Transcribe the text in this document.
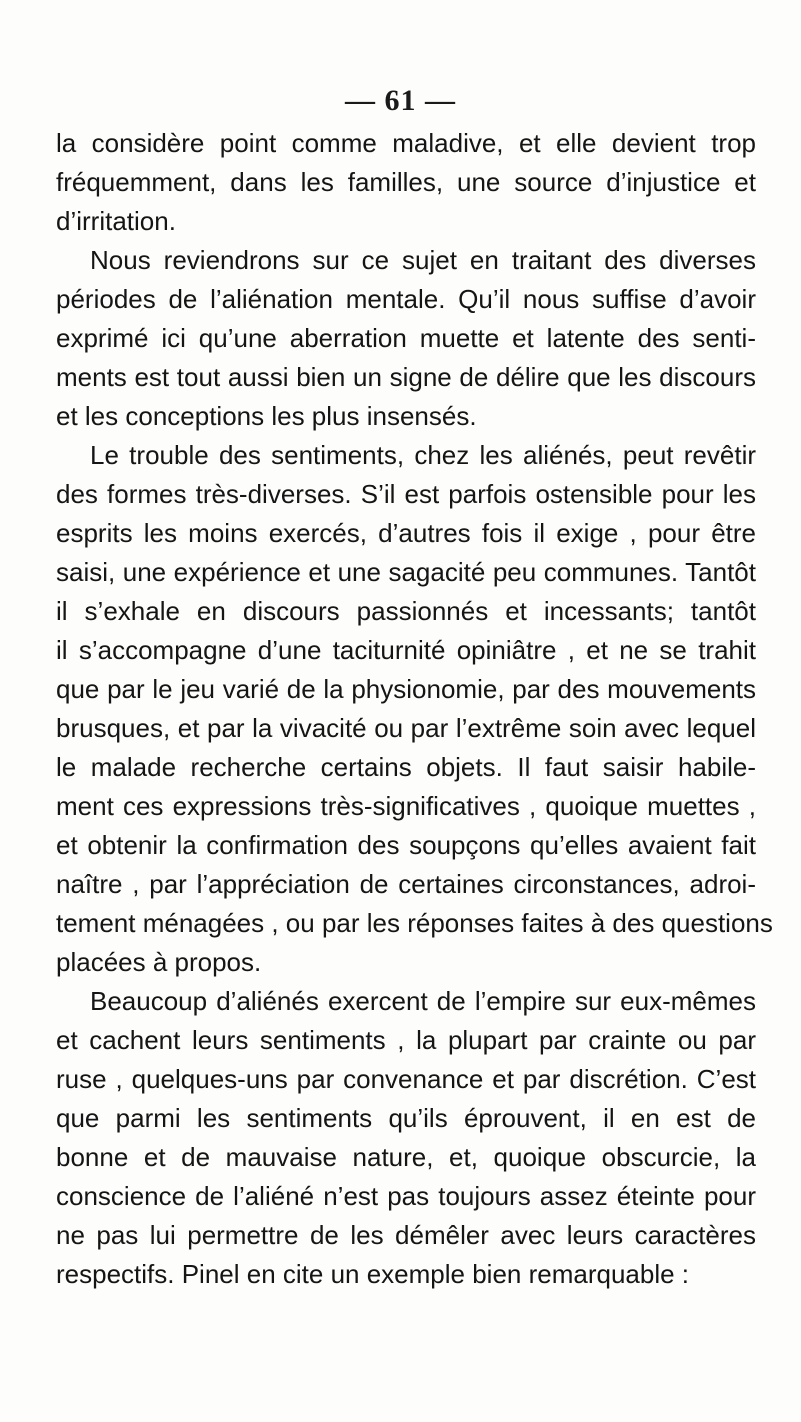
— 61 —

la considère point comme maladive, et elle devient trop
fréquemment, dans les familles, une source d’injustice et
d’irritation.

Nous reviendrons sur ce sujet en traitant des diverses
périodes de l’aliénation mentale. Qu’il nous suffise d’avoir
exprimé ici qu’une aberration muette et latente des senti-
ments est tout aussi bien un signe de délire que les discours
et les conceptions les plus insensés.

Le trouble des sentiments, chez les aliénés, peut revêtir
des formes très-diverses. S’il est parfois ostensible pour les
esprits les moins exercés, d’autres fois il exige , pour être
saisi, une expérience et une sagacité peu communes. Tantôt
il s’exhale en discours passionnés et incessants; tantôt
il s’accompagne d’une taciturnité opiniâtre , et ne se trahit
que par le jeu varié de la physionomie, par des mouvements
brusques, et par la vivacité ou par l’extrême soin avec lequel
le malade recherche certains objets. Il faut saisir habile-
ment ces expressions très-significatives , quoique muettes ,
et obtenir la confirmation des soupçons qu’elles avaient fait
naître , par l’appréciation de certaines circonstances, adroi-
tement ménagées , ou par les réponses faites à des questions
placées à propos.

Beaucoup d’aliénés exercent de l’empire sur eux-mêmes
et cachent leurs sentiments , la plupart par crainte ou par
ruse , quelques-uns par convenance et par discrétion. C’est
que parmi les sentiments qu’ils éprouvent, il en est de
bonne et de mauvaise nature, et, quoique obscurcie, la
conscience de l’aliéné n’est pas toujours assez éteinte pour
ne pas lui permettre de les démêler avec leurs caractères
respectifs. Pinel en cite un exemple bien remarquable :
